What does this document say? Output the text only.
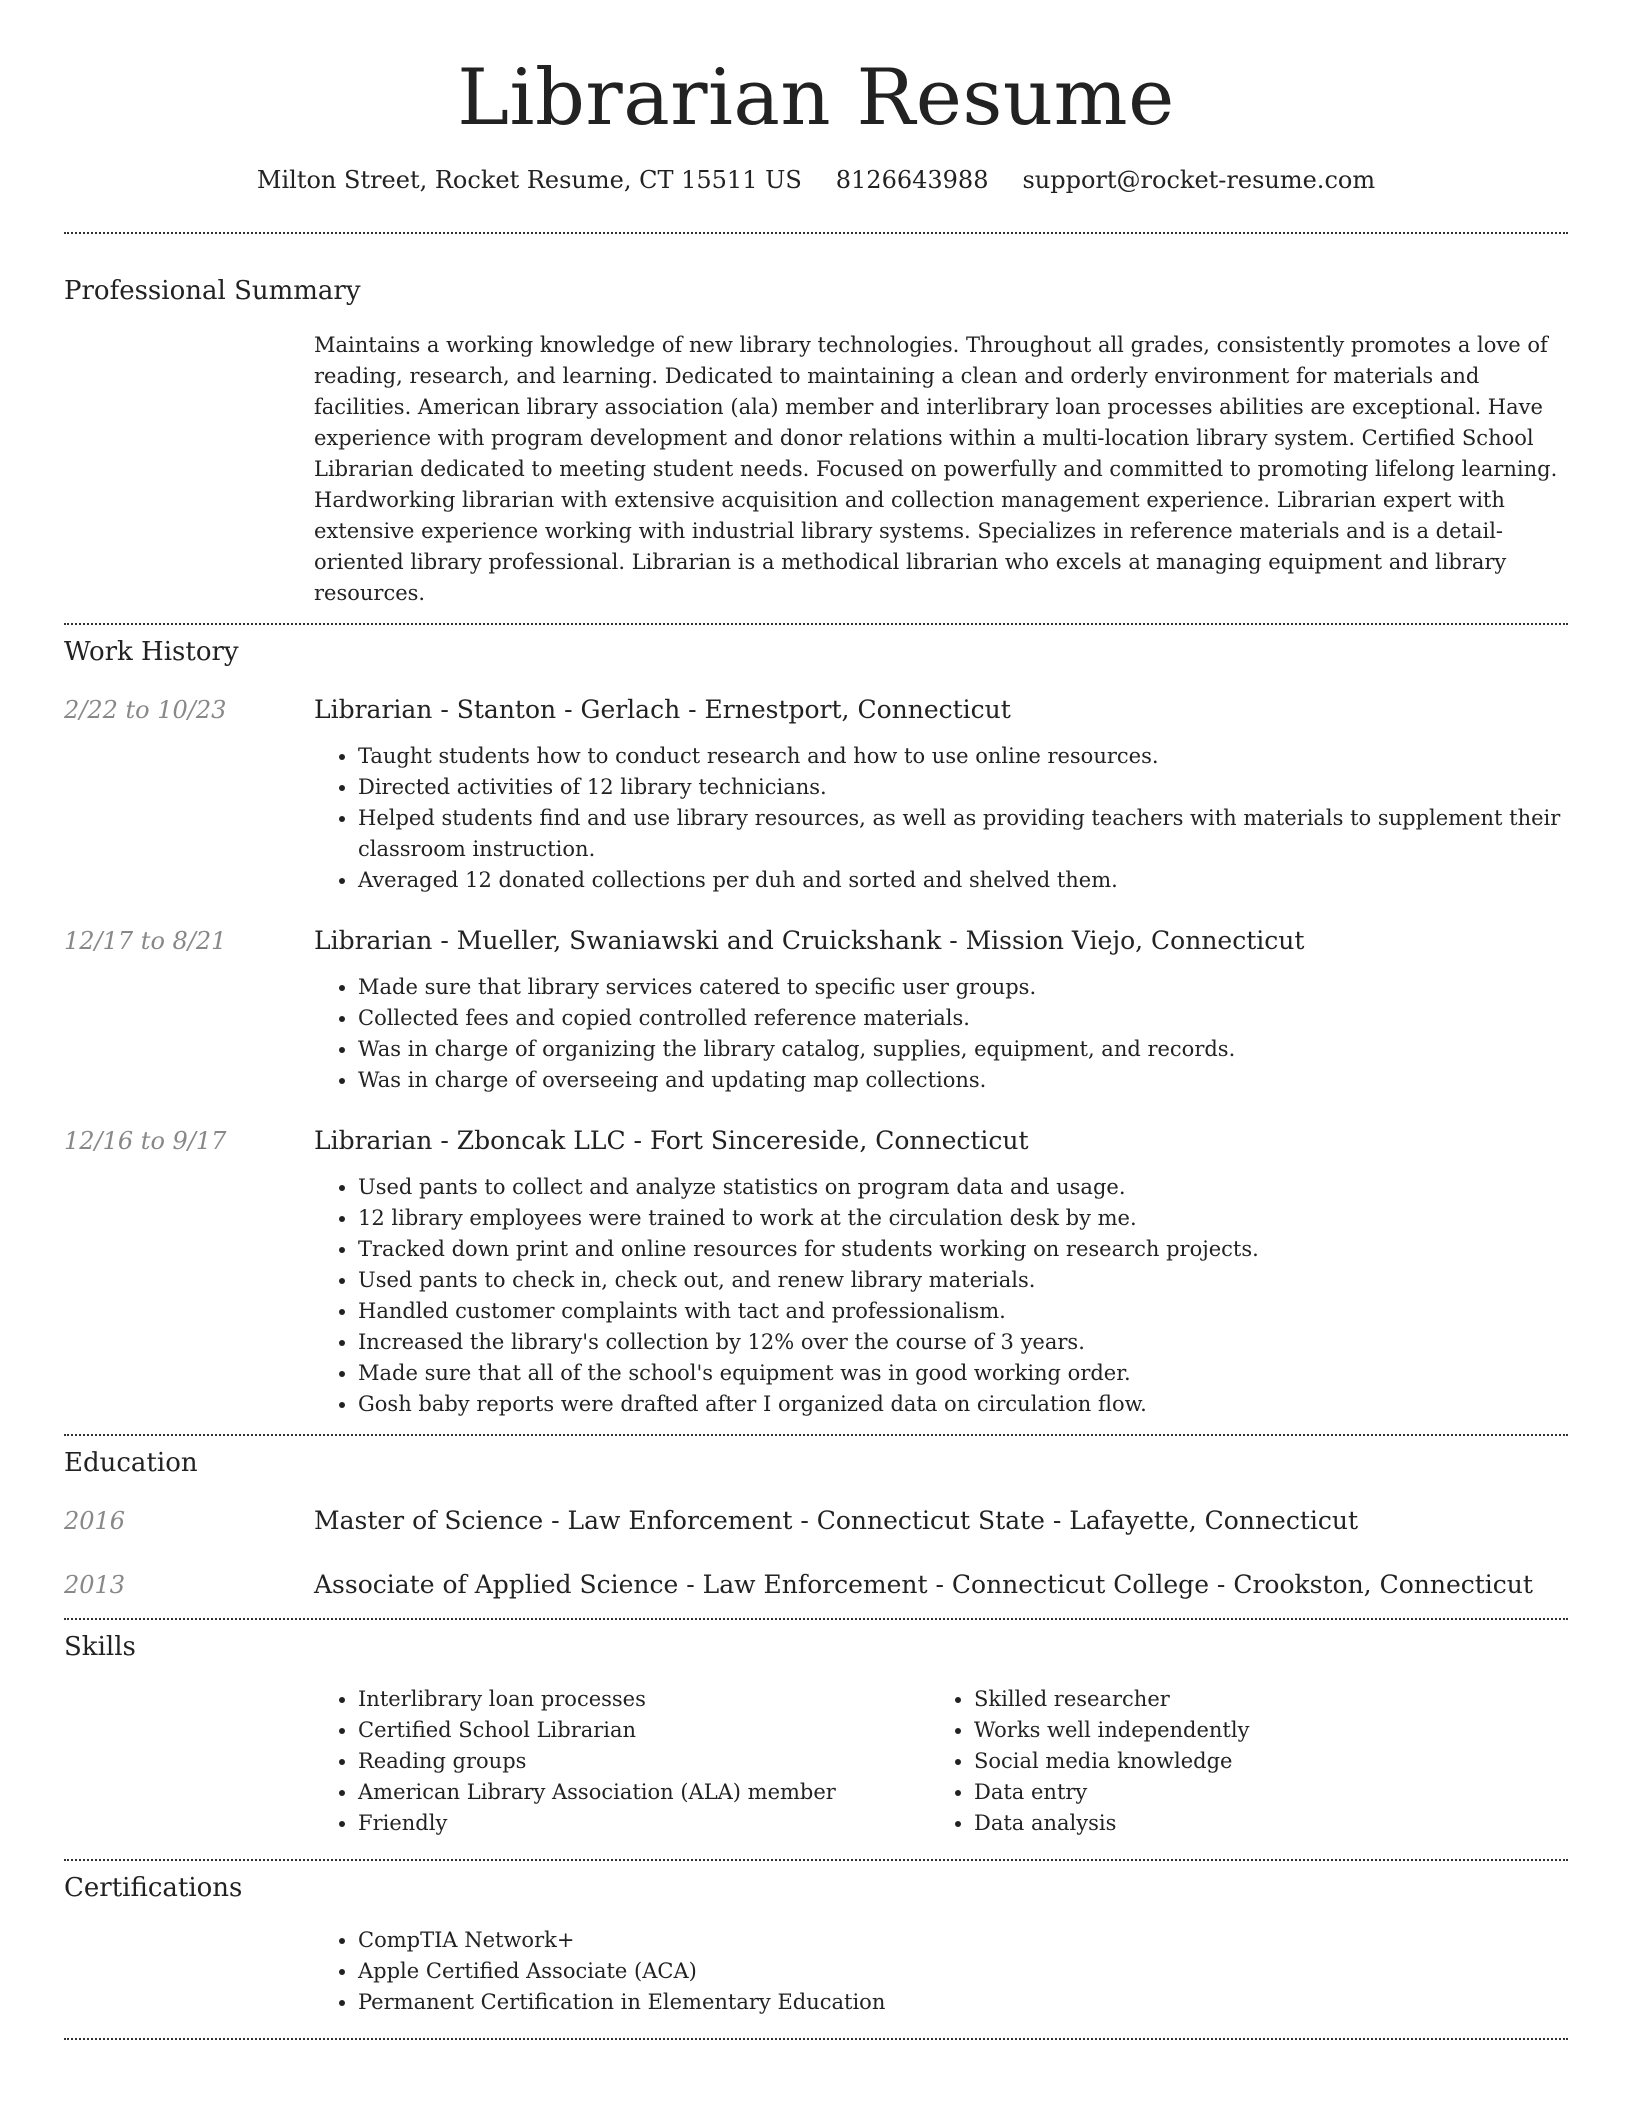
Librarian Resume
Milton Street, Rocket Resume, CT 15511 US 8126643988 support@rocket-resume.com
Professional Summary

Maintains a working knowledge of new library technologies. Throughout all grades, consistently promotes a love of reading, research, and learning. Dedicated to maintaining a clean and orderly environment for materials and facilities. American library association (ala) member and interlibrary loan processes abilities are exceptional. Have experience with program development and donor relations within a multi-location library system. Certified School Librarian dedicated to meeting student needs. Focused on powerfully and committed to promoting lifelong learning. Hardworking librarian with extensive acquisition and collection management experience. Librarian expert with extensive experience working with industrial library systems. Specializes in reference materials and is a detail-oriented library professional. Librarian is a methodical librarian who excels at managing equipment and library resources.

Work History
2/22 to 10/23	Librarian - Stanton - Gerlach - Ernestport, Connecticut
• Taught students how to conduct research and how to use online resources.
• Directed activities of 12 library technicians.
• Helped students find and use library resources, as well as providing teachers with materials to supplement their classroom instruction.
• Averaged 12 donated collections per duh and sorted and shelved them.
12/17 to 8/21	Librarian - Mueller, Swaniawski and Cruickshank - Mission Viejo, Connecticut
• Made sure that library services catered to specific user groups.
• Collected fees and copied controlled reference materials.
• Was in charge of organizing the library catalog, supplies, equipment, and records.
• Was in charge of overseeing and updating map collections.
12/16 to 9/17	Librarian - Zboncak LLC - Fort Sincereside, Connecticut
• Used pants to collect and analyze statistics on program data and usage.
• 12 library employees were trained to work at the circulation desk by me.
• Tracked down print and online resources for students working on research projects.
• Used pants to check in, check out, and renew library materials.
• Handled customer complaints with tact and professionalism.
• Increased the library's collection by 12% over the course of 3 years.
• Made sure that all of the school's equipment was in good working order.
• Gosh baby reports were drafted after I organized data on circulation flow.
Education
2016	Master of Science - Law Enforcement - Connecticut State - Lafayette, Connecticut
2013	Associate of Applied Science - Law Enforcement - Connecticut College - Crookston, Connecticut
Skills
• Interlibrary loan processes
• Certified School Librarian
• Reading groups
• American Library Association (ALA) member
• Friendly
• Skilled researcher
• Works well independently
• Social media knowledge
• Data entry
• Data analysis
Certifications
• CompTIA Network+
• Apple Certified Associate (ACA)
• Permanent Certification in Elementary Education
